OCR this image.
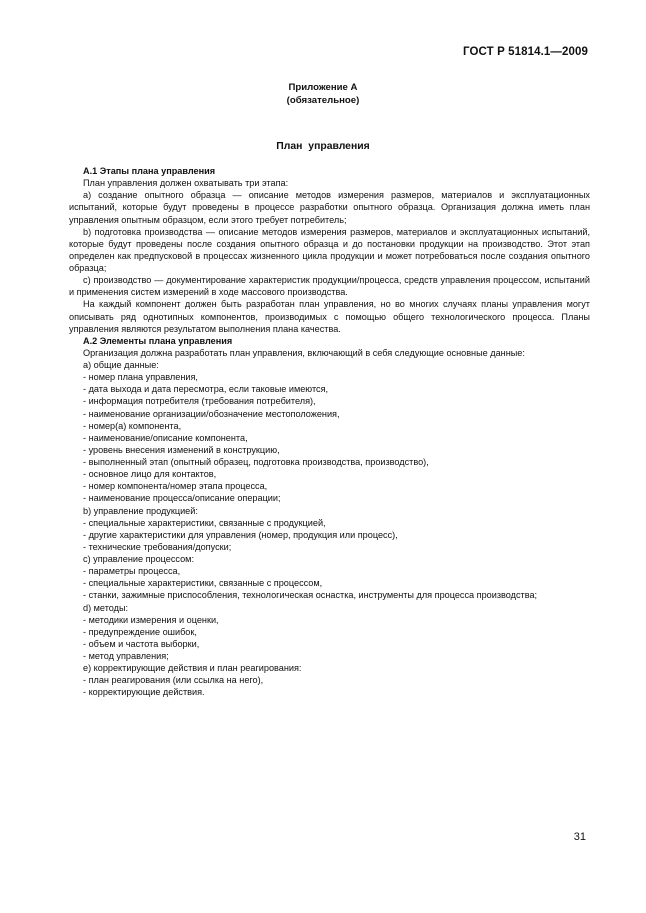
ГОСТ Р 51814.1—2009
Приложение А
(обязательное)
План управления

А.1 Этапы плана управления

План управления должен охватывать три этапа:

a) создание опытного образца — описание методов измерения размеров, материалов и эксплуатационных испытаний, которые будут проведены в процессе разработки опытного образца. Организация должна иметь план управления опытным образцом, если этого требует потребитель;

b) подготовка производства — описание методов измерения размеров, материалов и эксплуатационных испытаний, которые будут проведены после создания опытного образца и до постановки продукции на производство. Этот этап определен как предпусковой в процессах жизненного цикла продукции и может потребоваться после создания опытного образца;

c) производство — документирование характеристик продукции/процесса, средств управления процессом, испытаний и применения систем измерений в ходе массового производства.

На каждый компонент должен быть разработан план управления, но во многих случаях планы управления могут описывать ряд однотипных компонентов, производимых с помощью общего технологического процесса. Планы управления являются результатом выполнения плана качества.

А.2 Элементы плана управления

Организация должна разработать план управления, включающий в себя следующие основные данные:

a) общие данные:

- номер плана управления,

- дата выхода и дата пересмотра, если таковые имеются,

- информация потребителя (требования потребителя),

- наименование организации/обозначение местоположения,

- номер(а) компонента,

- наименование/описание компонента,

- уровень внесения изменений в конструкцию,

- выполненный этап (опытный образец, подготовка производства, производство),

- основное лицо для контактов,

- номер компонента/номер этапа процесса,

- наименование процесса/описание операции;

b) управление продукцией:

- специальные характеристики, связанные с продукцией,

- другие характеристики для управления (номер, продукция или процесс),

- технические требования/допуски;

c) управление процессом:

- параметры процесса,

- специальные характеристики, связанные с процессом,

- станки, зажимные приспособления, технологическая оснастка, инструменты для процесса производства;

d) методы:

- методики измерения и оценки,

- предупреждение ошибок,

- объем и частота выборки,

- метод управления;

e) корректирующие действия и план реагирования:

- план реагирования (или ссылка на него),

- корректирующие действия.

31
